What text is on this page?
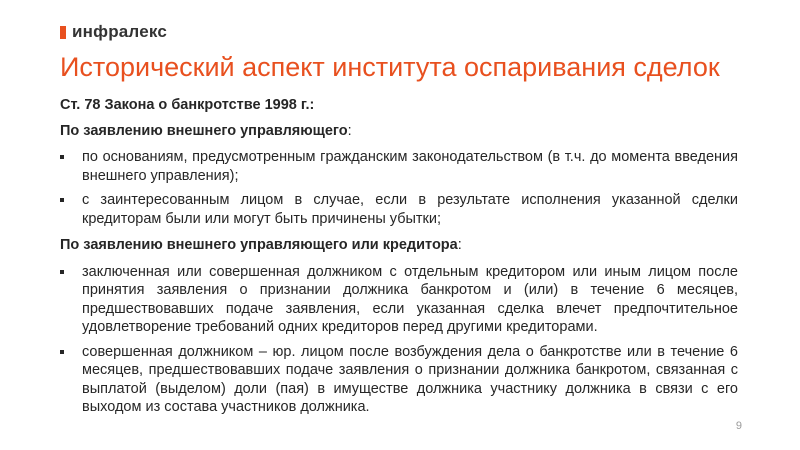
инфралекс
Исторический аспект института оспаривания сделок

Ст. 78 Закона о банкротстве 1998 г.:

По заявлению внешнего управляющего:

по основаниям, предусмотренным гражданским законодательством (в т.ч. до момента введения внешнего управления);
с заинтересованным лицом в случае, если в результате исполнения указанной сделки кредиторам были или могут быть причинены убытки;

По заявлению внешнего управляющего или кредитора:

заключенная или совершенная должником с отдельным кредитором или иным лицом после принятия заявления о признании должника банкротом и (или) в течение 6 месяцев, предшествовавших подаче заявления, если указанная сделка влечет предпочтительное удовлетворение требований одних кредиторов перед другими кредиторами.
совершенная должником – юр. лицом после возбуждения дела о банкротстве или в течение 6 месяцев, предшествовавших подаче заявления о признании должника банкротом, связанная с выплатой (выделом) доли (пая) в имуществе должника участнику должника в связи с его выходом из состава участников должника.
9
